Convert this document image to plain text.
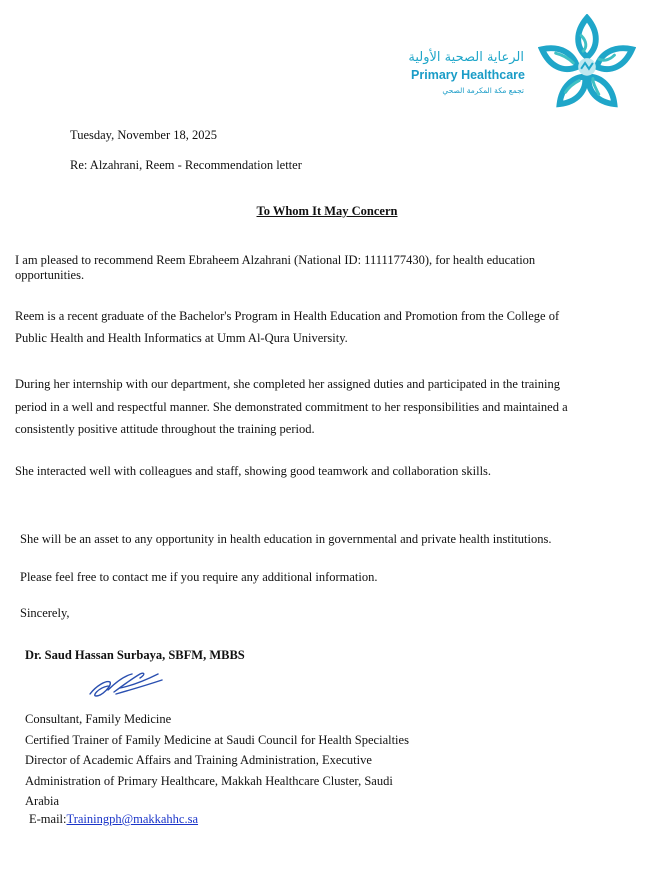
الرعاية الصحية الأولية
Primary Healthcare
تجمع مكة المكرمة الصحي
Tuesday, November 18, 2025
Re: Alzahrani, Reem - Recommendation letter
To Whom It May Concern
I am pleased to recommend Reem Ebraheem Alzahrani (National ID: 1111177430), for health education
opportunities.
Reem is a recent graduate of the Bachelor's Program in Health Education and Promotion from the College of
Public Health and Health Informatics at Umm Al-Qura University.
During her internship with our department, she completed her assigned duties and participated in the training
period in a well and respectful manner. She demonstrated commitment to her responsibilities and maintained a
consistently positive attitude throughout the training period.
She interacted well with colleagues and staff, showing good teamwork and collaboration skills.
She will be an asset to any opportunity in health education in governmental and private health institutions.
Please feel free to contact me if you require any additional information.
Sincerely,
Dr. Saud Hassan Surbaya, SBFM, MBBS
Consultant, Family Medicine
Certified Trainer of Family Medicine at Saudi Council for Health Specialties
Director of Academic Affairs and Training Administration, Executive
Administration of Primary Healthcare, Makkah Healthcare Cluster, Saudi
Arabia
E-mail:Trainingph@makkahhc.sa
